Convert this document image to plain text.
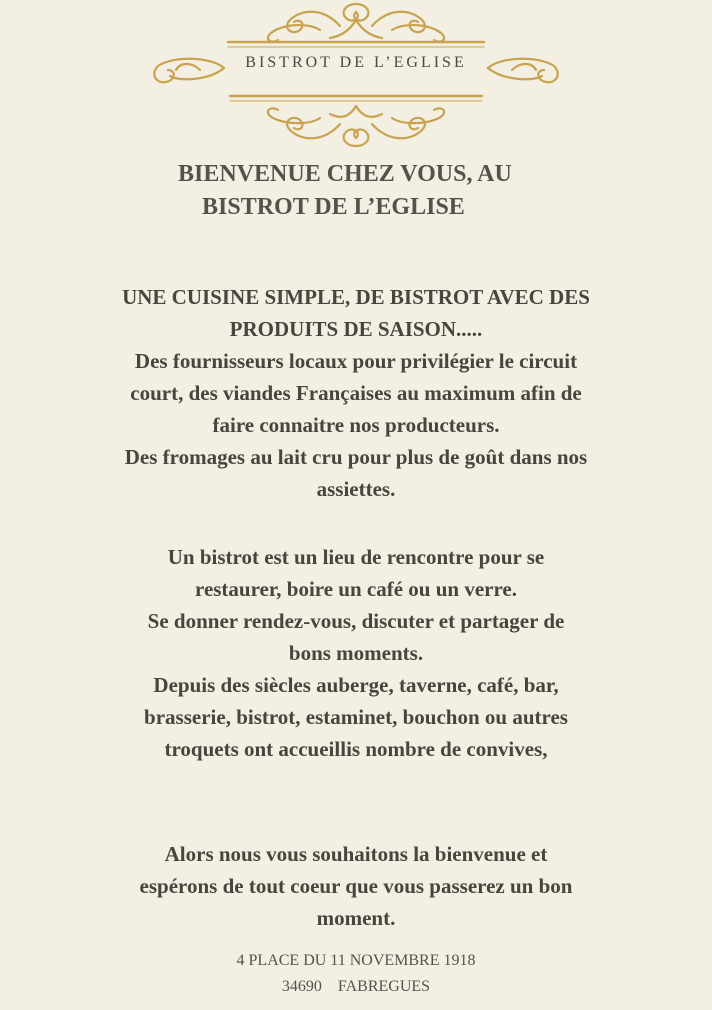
BISTROT DE L’EGLISE
BIENVENUE CHEZ VOUS, AU
BISTROT DE L’EGLISE
UNE CUISINE SIMPLE, DE BISTROT AVEC DES
PRODUITS DE SAISON.....
Des fournisseurs locaux pour privilégier le circuit
court, des viandes Françaises au maximum afin de
faire connaitre nos producteurs.
Des fromages au lait cru pour plus de goût dans nos
assiettes.
Un bistrot est un lieu de rencontre pour se
restaurer, boire un café ou un verre.
Se donner rendez-vous, discuter et partager de
bons moments.
Depuis des siècles auberge, taverne, café, bar,
brasserie, bistrot, estaminet, bouchon ou autres
troquets ont accueillis nombre de convives,
Alors nous vous souhaitons la bienvenue et
espérons de tout coeur que vous passerez un bon
moment.
4 PLACE DU 11 NOVEMBRE 1918
34690 FABREGUES
